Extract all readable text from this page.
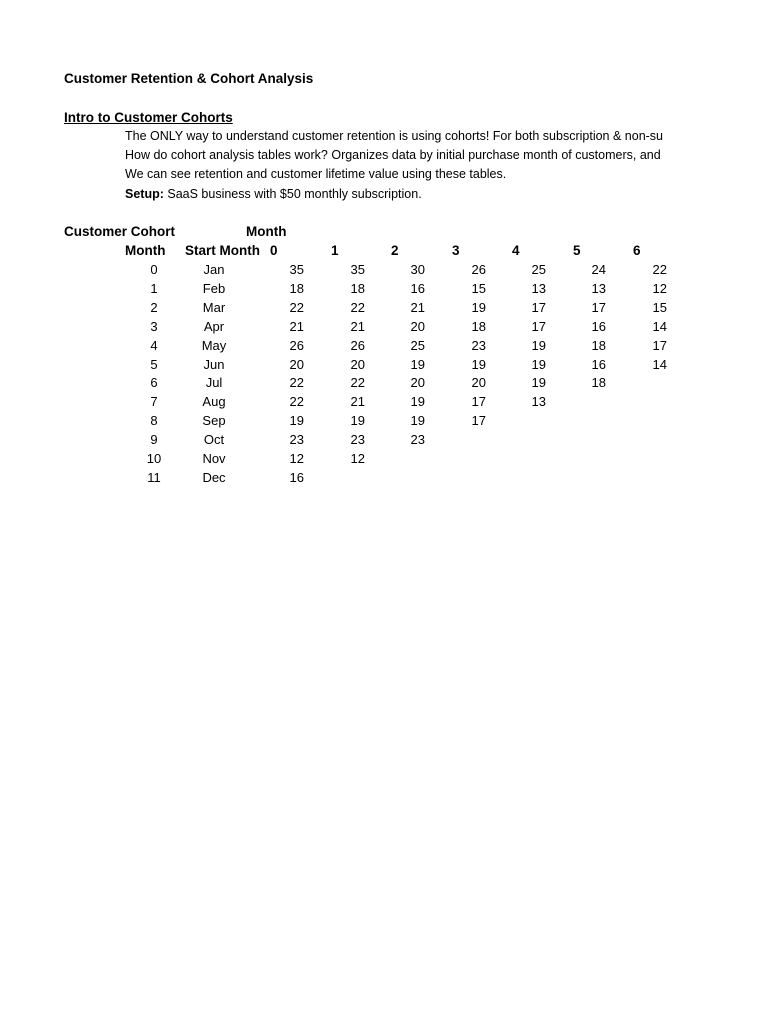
Customer Retention & Cohort Analysis
Intro to Customer Cohorts
The ONLY way to understand customer retention is using cohorts! For both subscription & non-su
How do cohort analysis tables work? Organizes data by initial purchase month of customers, and
We can see retention and customer lifetime value using these tables.
Setup: SaaS business with $50 monthly subscription.
Customer Cohort	Month
Month Start Month 0	1	2	3	4	5	6
0	Jan	35	35	30	26	25	24	22
1	Feb	18	18	16	15	13	13	12
2	Mar	22	22	21	19	17	17	15
3	Apr	21	21	20	18	17	16	14
4	May	26	26	25	23	19	18	17
5	Jun	20	20	19	19	19	16	14
6	Jul	22	22	20	20	19	18
7	Aug	22	21	19	17	13
8	Sep	19	19	19	17
9	Oct	23	23	23
10	Nov	12	12
11	Dec	16
